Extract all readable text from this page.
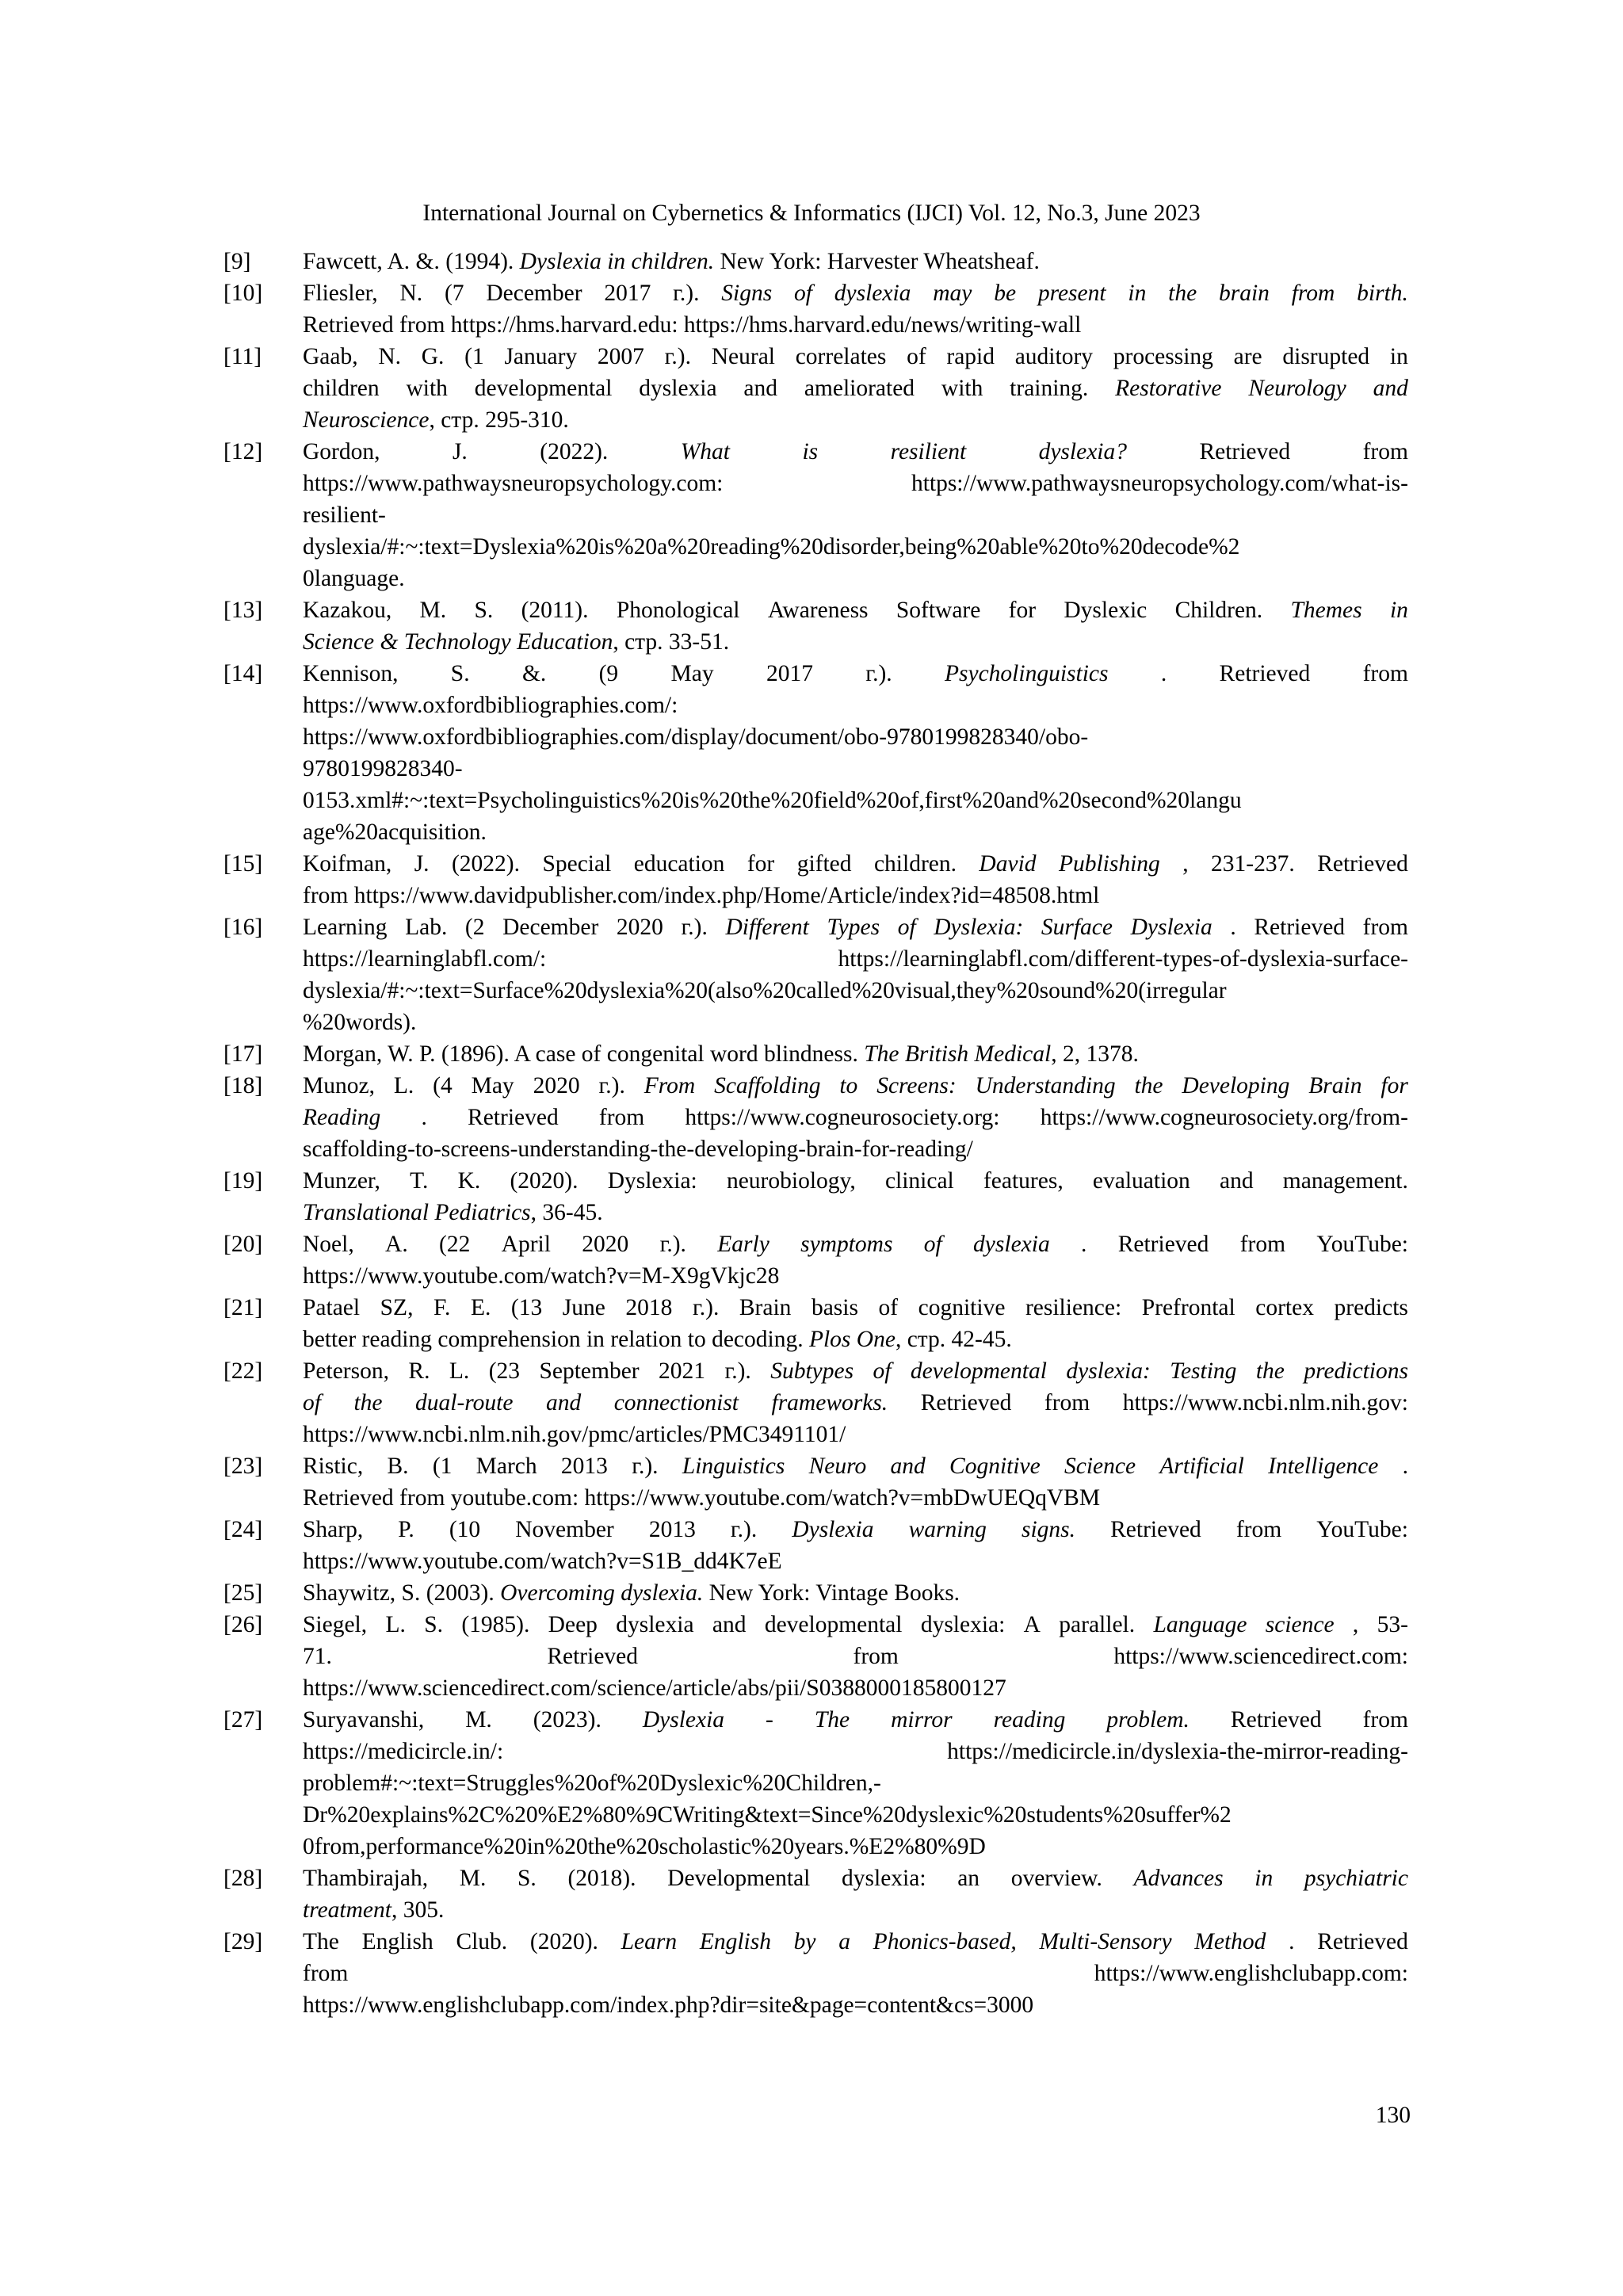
International Journal on Cybernetics & Informatics (IJCI) Vol. 12, No.3, June 2023
[9] Fawcett, A. &. (1994). Dyslexia in children. New York: Harvester Wheatsheaf.
[10] Fliesler, N. (7 December 2017 г.). Signs of dyslexia may be present in the brain from birth.
Retrieved from https://hms.harvard.edu: https://hms.harvard.edu/news/writing-wall
[11] Gaab, N. G. (1 January 2007 г.). Neural correlates of rapid auditory processing are disrupted in
children with developmental dyslexia and ameliorated with training. Restorative Neurology and
Neuroscience, стр. 295-310.
[12] Gordon,	J.	(2022).	What	is	resilient	dyslexia?	Retrieved	from
https://www.pathwaysneuropsychology.com:	https://www.pathwaysneuropsychology.com/what-is-
resilient-
dyslexia/#:~:text=Dyslexia%20is%20a%20reading%20disorder,being%20able%20to%20decode%2
0language.
[13] Kazakou, M. S. (2011). Phonological Awareness Software for Dyslexic Children. Themes in
Science & Technology Education, стр. 33-51.
[14] Kennison, S. &. (9 May 2017 г.). Psycholinguistics . Retrieved from
https://www.oxfordbibliographies.com/:
https://www.oxfordbibliographies.com/display/document/obo-9780199828340/obo-
9780199828340-
0153.xml#:~:text=Psycholinguistics%20is%20the%20field%20of,first%20and%20second%20langu
age%20acquisition.
[15] Koifman, J. (2022). Special education for gifted children. David Publishing , 231-237. Retrieved
from https://www.davidpublisher.com/index.php/Home/Article/index?id=48508.html
[16] Learning Lab. (2 December 2020 г.). Different Types of Dyslexia: Surface Dyslexia . Retrieved from
https://learninglabfl.com/:	https://learninglabfl.com/different-types-of-dyslexia-surface-
dyslexia/#:~:text=Surface%20dyslexia%20(also%20called%20visual,they%20sound%20(irregular
%20words).
[17] Morgan, W. P. (1896). A case of congenital word blindness. The British Medical, 2, 1378.
[18] Munoz, L. (4 May 2020 г.). From Scaffolding to Screens: Understanding the Developing Brain for
Reading . Retrieved from https://www.cogneurosociety.org: https://www.cogneurosociety.org/from-
scaffolding-to-screens-understanding-the-developing-brain-for-reading/
[19] Munzer, T. K. (2020). Dyslexia: neurobiology, clinical features, evaluation and management.
Translational Pediatrics, 36-45.
[20] Noel, A. (22 April 2020 г.). Early symptoms of dyslexia . Retrieved from YouTube:
https://www.youtube.com/watch?v=M-X9gVkjc28
[21] Patael SZ, F. E. (13 June 2018 г.). Brain basis of cognitive resilience: Prefrontal cortex predicts
better reading comprehension in relation to decoding. Plos One, стр. 42-45.
[22] Peterson, R. L. (23 September 2021 г.). Subtypes of developmental dyslexia: Testing the predictions
of the dual-route and connectionist frameworks. Retrieved from https://www.ncbi.nlm.nih.gov:
https://www.ncbi.nlm.nih.gov/pmc/articles/PMC3491101/
[23] Ristic, B. (1 March 2013 г.). Linguistics Neuro and Cognitive Science Artificial Intelligence .
Retrieved from youtube.com: https://www.youtube.com/watch?v=mbDwUEQqVBM
[24] Sharp, P. (10 November 2013 г.). Dyslexia warning signs. Retrieved from YouTube:
https://www.youtube.com/watch?v=S1B_dd4K7eE
[25] Shaywitz, S. (2003). Overcoming dyslexia. New York: Vintage Books.
[26] Siegel, L. S. (1985). Deep dyslexia and developmental dyslexia: A parallel. Language science , 53-
71.	Retrieved	from	https://www.sciencedirect.com:
https://www.sciencedirect.com/science/article/abs/pii/S0388000185800127
[27] Suryavanshi, M. (2023). Dyslexia - The mirror reading problem. Retrieved from
https://medicircle.in/:	https://medicircle.in/dyslexia-the-mirror-reading-
problem#:~:text=Struggles%20of%20Dyslexic%20Children,-
Dr%20explains%2C%20%E2%80%9CWriting&text=Since%20dyslexic%20students%20suffer%2
0from,performance%20in%20the%20scholastic%20years.%E2%80%9D
[28] Thambirajah, M. S. (2018). Developmental dyslexia: an overview. Advances in psychiatric
treatment, 305.
[29] The English Club. (2020). Learn English by a Phonics-based, Multi-Sensory Method . Retrieved
from	https://www.englishclubapp.com:
https://www.englishclubapp.com/index.php?dir=site&page=content&cs=3000
130
